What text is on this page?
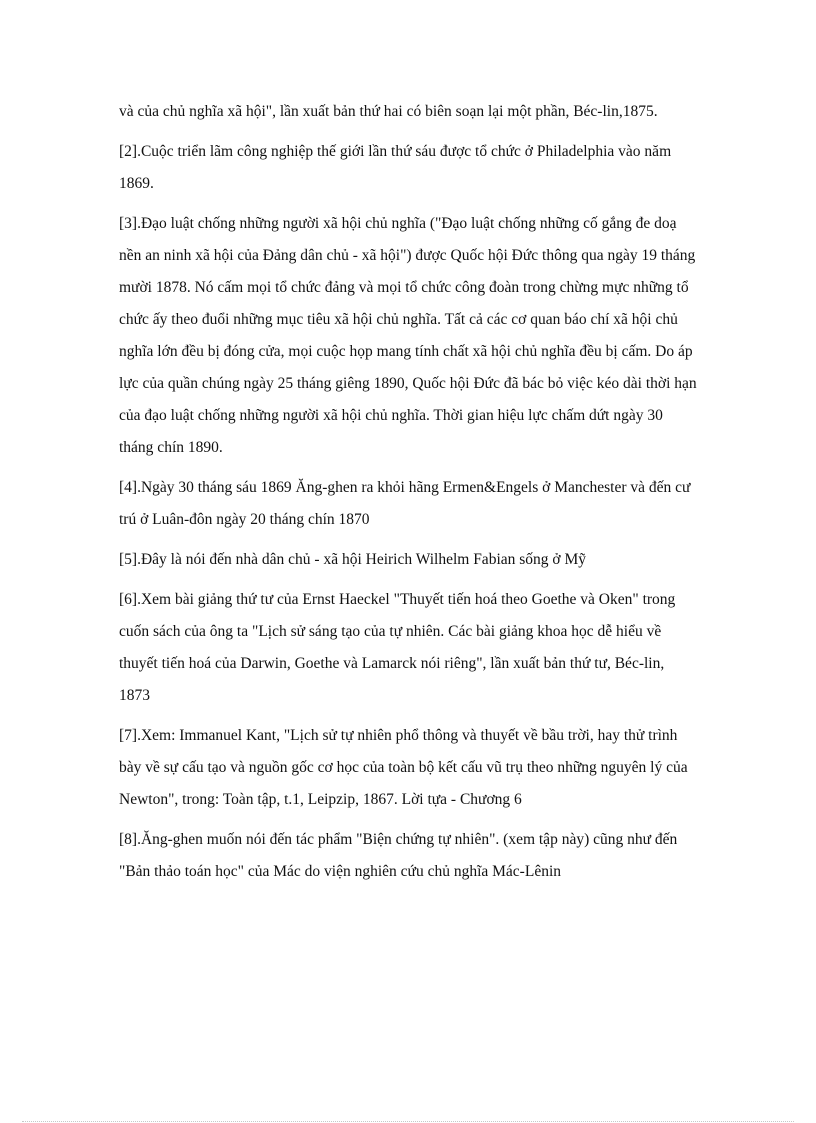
và của chủ nghĩa xã hội", lần xuất bản thứ hai có biên soạn lại một phần, Béc-lin,1875.

[2].Cuộc triển lãm công nghiệp thế giới lần thứ sáu được tổ chức ở Philadelphia vào năm 1869.

[3].Đạo luật chống những người xã hội chủ nghĩa ("Đạo luật chống những cố gắng đe doạ nền an ninh xã hội của Đảng dân chủ - xã hội") được Quốc hội Đức thông qua ngày 19 tháng mười 1878. Nó cấm mọi tổ chức đảng và mọi tổ chức công đoàn trong chừng mực những tổ chức ấy theo đuổi những mục tiêu xã hội chủ nghĩa. Tất cả các cơ quan báo chí xã hội chủ nghĩa lớn đều bị đóng cửa, mọi cuộc họp mang tính chất xã hội chủ nghĩa đều bị cấm. Do áp lực của quần chúng ngày 25 tháng giêng 1890, Quốc hội Đức đã bác bỏ việc kéo dài thời hạn của đạo luật chống những người xã hội chủ nghĩa. Thời gian hiệu lực chấm dứt ngày 30 tháng chín 1890.

[4].Ngày 30 tháng sáu 1869 Ăng-ghen ra khỏi hãng Ermen&Engels ở Manchester và đến cư trú ở Luân-đôn ngày 20 tháng chín 1870

[5].Đây là nói đến nhà dân chủ - xã hội Heirich Wilhelm Fabian sống ở Mỹ

[6].Xem bài giảng thứ tư của Ernst Haeckel "Thuyết tiến hoá theo Goethe và Oken" trong cuốn sách của ông ta "Lịch sử sáng tạo của tự nhiên. Các bài giảng khoa học dễ hiểu về thuyết tiến hoá của Darwin, Goethe và Lamarck nói riêng", lần xuất bản thứ tư, Béc-lin, 1873

[7].Xem: Immanuel Kant, "Lịch sử tự nhiên phổ thông và thuyết về bầu trời, hay thử trình bày về sự cấu tạo và nguồn gốc cơ học của toàn bộ kết cấu vũ trụ theo những nguyên lý của Newton", trong: Toàn tập, t.1, Leipzip, 1867. Lời tựa - Chương 6

[8].Ăng-ghen muốn nói đến tác phẩm "Biện chứng tự nhiên". (xem tập này) cũng như đến "Bản thảo toán học" của Mác do viện nghiên cứu chủ nghĩa Mác-Lênin
